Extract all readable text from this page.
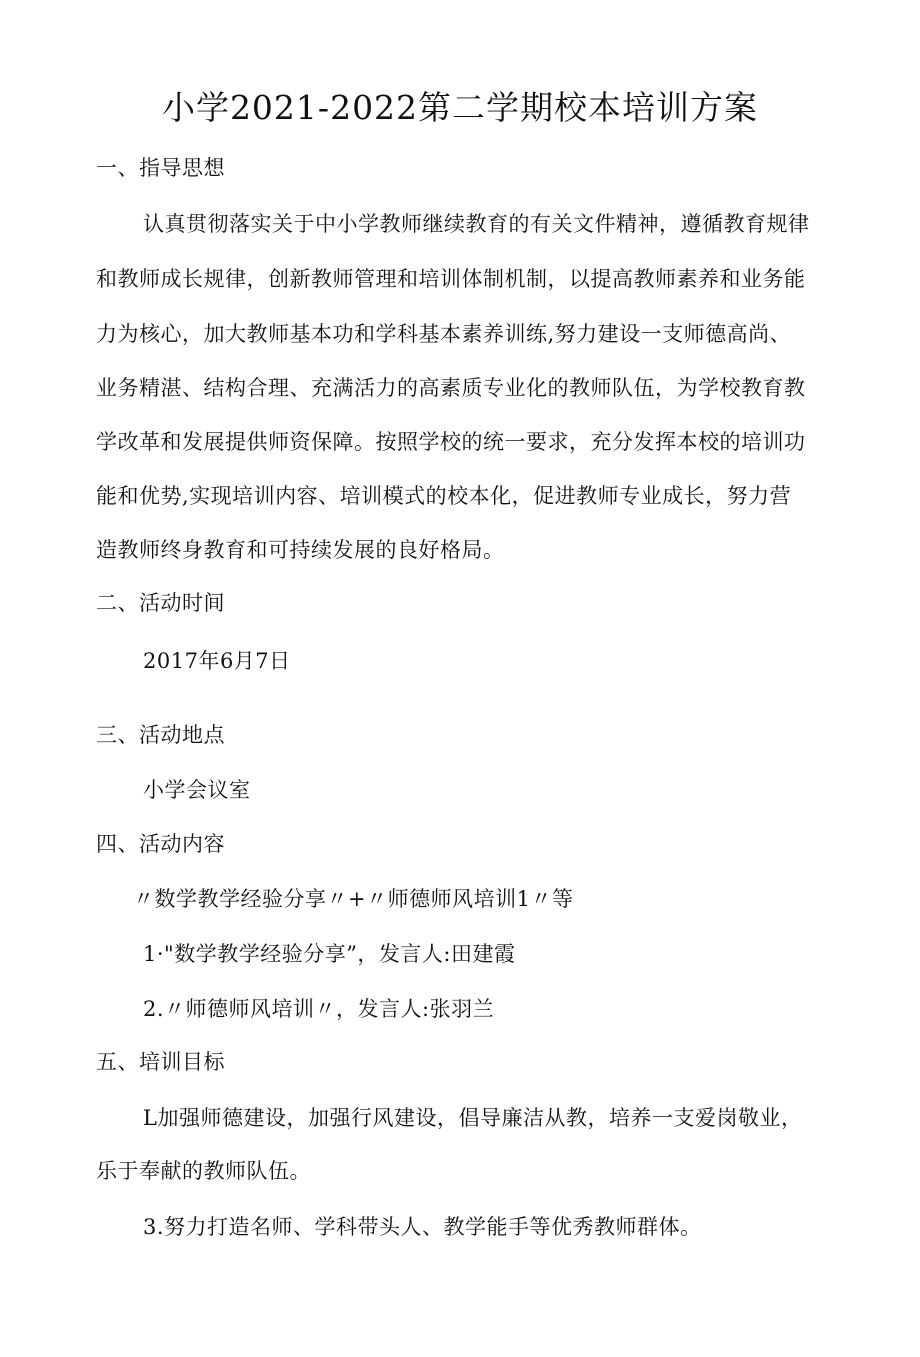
小学2021-2022第二学期校本培训方案
一、指导思想
认真贯彻落实关于中小学教师继续教育的有关文件精神，遵循教育规律
和教师成长规律，创新教师管理和培训体制机制，以提高教师素养和业务能
力为核心，加大教师基本功和学科基本素养训练,努力建设一支师德高尚、
业务精湛、结构合理、充满活力的高素质专业化的教师队伍，为学校教育教
学改革和发展提供师资保障。按照学校的统一要求，充分发挥本校的培训功
能和优势,实现培训内容、培训模式的校本化，促进教师专业成长，努力营
造教师终身教育和可持续发展的良好格局。
二、活动时间
2017年6月7日
三、活动地点
小学会议室
四、活动内容
〃数学教学经验分享〃+〃师德师风培训1〃等
1·"数学教学经验分享”，发言人:田建霞
2.〃师德师风培训〃，发言人:张羽兰
五、培训目标
L加强师德建设，加强行风建设，倡导廉洁从教，培养一支爱岗敬业，
乐于奉献的教师队伍。
3.努力打造名师、学科带头人、教学能手等优秀教师群体。
